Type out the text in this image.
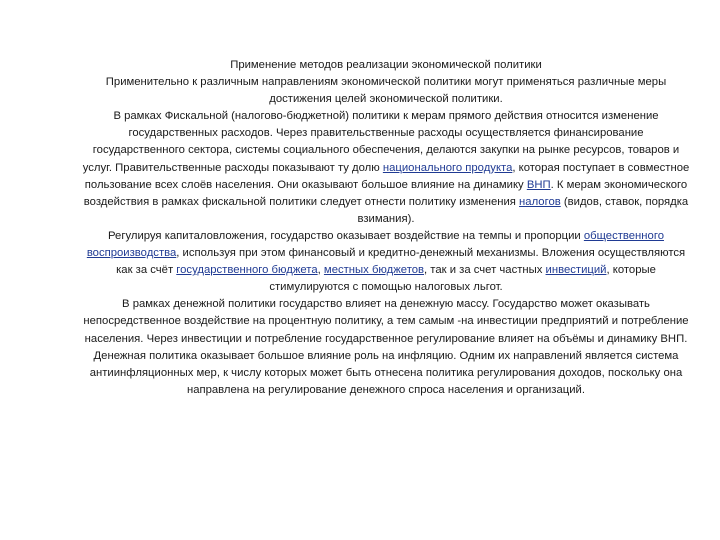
Применение методов реализации экономической политики

Применительно к различным направлениям экономической политики могут применяться различные меры достижения целей экономической политики.

В рамках Фискальной (налогово-бюджетной) политики к мерам прямого действия относится изменение государственных расходов. Через правительственные расходы осуществляется финансирование государственного сектора, системы социального обеспечения, делаются закупки на рынке ресурсов, товаров и услуг. Правительственные расходы показывают ту долю национального продукта, которая поступает в совместное пользование всех слоёв населения. Они оказывают большое влияние на динамику ВНП. К мерам экономического воздействия в рамках фискальной политики следует отнести политику изменения налогов (видов, ставок, порядка взимания).

Регулируя капиталовложения, государство оказывает воздействие на темпы и пропорции общественного воспроизводства, используя при этом финансовый и кредитно-денежный механизмы. Вложения осуществляются как за счёт государственного бюджета, местных бюджетов, так и за счет частных инвестиций, которые стимулируются с помощью налоговых льгот.

В рамках денежной политики государство влияет на денежную массу. Государство может оказывать непосредственное воздействие на процентную политику, а тем самым -на инвестиции предприятий и потребление населения. Через инвестиции и потребление государственное регулирование влияет на объёмы и динамику ВНП. Денежная политика оказывает большое влияние роль на инфляцию. Одним их направлений является система антиинфляционных мер, к числу которых может быть отнесена политика регулирования доходов, поскольку она направлена на регулирование денежного спроса населения и организаций.
